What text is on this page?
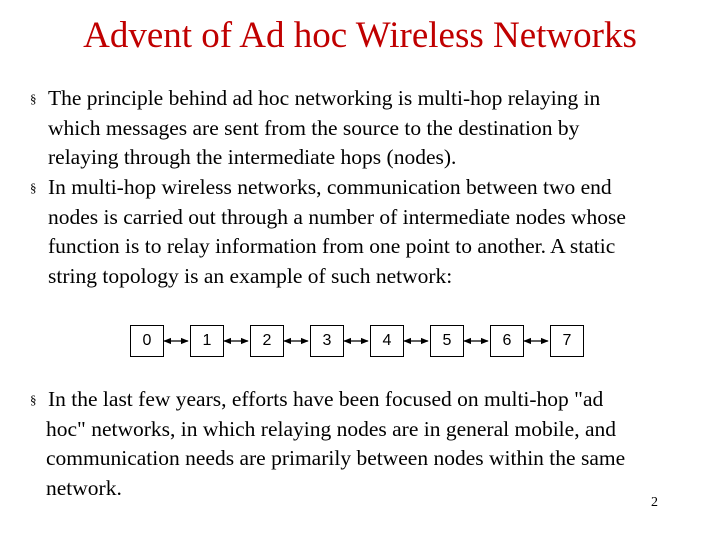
Advent of Ad hoc Wireless Networks
§ The principle behind ad hoc networking is multi-hop relaying in
which messages are sent from the source to the destination by
relaying through the intermediate hops (nodes).
§ In multi-hop wireless networks, communication between two end
nodes is carried out through a number of intermediate nodes whose
function is to relay information from one point to another. A static
string topology is an example of such network:
0	1	2	3	4	5	6	7
§ In the last few years, efforts have been focused on multi-hop "ad
hoc" networks, in which relaying nodes are in general mobile, and
communication needs are primarily between nodes within the same
network.
2
